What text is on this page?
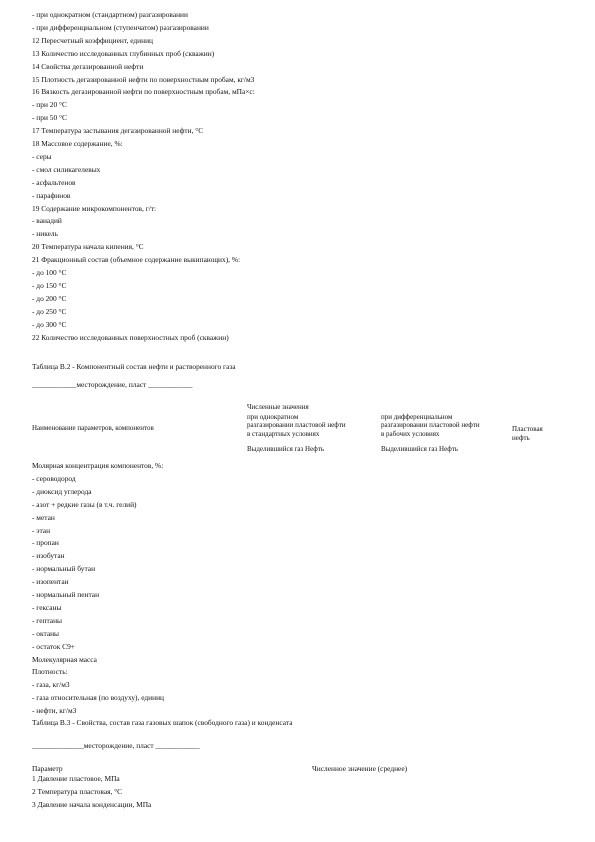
- при однократном (стандартном) разгазировании
- при дифференциальном (ступенчатом) разгазировании
12 Пересчетный коэффициент, единиц
13 Количество исследованных глубинных проб (скважин)
14 Свойства дегазированной нефти
15 Плотность дегазированной нефти по поверхностным пробам, кг/м3
16 Вязкость дегазированной нефти по поверхностным пробам, мПа×с:
- при 20 °С
- при 50 °С
17 Температура застывания дегазированной нефти, °С
18 Массовое содержание, %:
- серы
- смол силикагелевых
- асфальтенов
- парафинов
19 Содержание микрокомпонентов, г/т:
- ванадий
- никель
20 Температура начала кипения, °С
21 Фракционный состав (объемное содержание выкипающих), %:
- до 100 °С
- до 150 °С
- до 200 °С
- до 250 °С
- до 300 °С
22 Количество исследованных поверхностных проб (скважин)
Таблица В.2 - Компонентный состав нефти и растворенного газа
____________месторождение, пласт ____________
Численные значения
при однократном
разгазировании пластовой нефти
в стандартных условиях
Выделившийся газ Нефть
при дифференциальном
разгазировании пластовой нефти
в рабочих условиях
Выделившийся газ Нефть
Пластовая
нефть
Наименование параметров, компонентов
Молярная концентрация компонентов, %:
- сероводород
- диоксид углерода
- азот + редкие газы (в т.ч. гелий)
- метан
- этан
- пропан
- изобутан
- нормальный бутан
- изопентан
- нормальный пентан
- гексаны
- гептаны
- октаны
- остаток С9+
Молекулярная масса
Плотность:
- газа, кг/м3
- газа относительная (по воздуху), единиц
- нефти, кг/м3
Таблица В.3 - Свойства, состав газа газовых шапок (свободного газа) и конденсата
______________месторождение, пласт ____________
Параметр	Численное значение (среднее)
1 Давление пластовое, МПа
2 Температура пластовая, °С
3 Давление начала конденсации, МПа
